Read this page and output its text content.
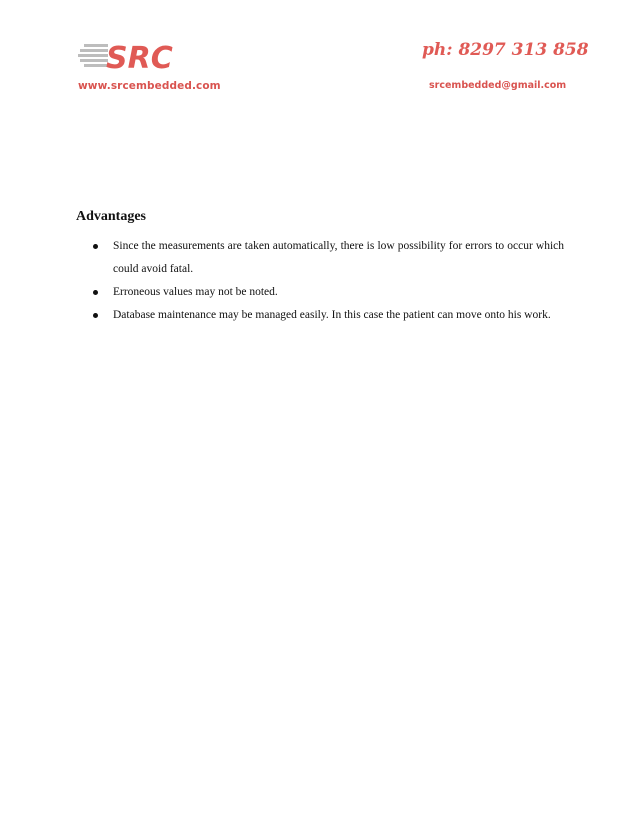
SRC
www.srcembedded.com
ph: 8297 313 858
srcembedded@gmail.com
Advantages
Since the measurements are taken automatically, there is low possibility for errors to occur which could avoid fatal.
Erroneous values may not be noted.
Database maintenance may be managed easily. In this case the patient can move onto his work.
